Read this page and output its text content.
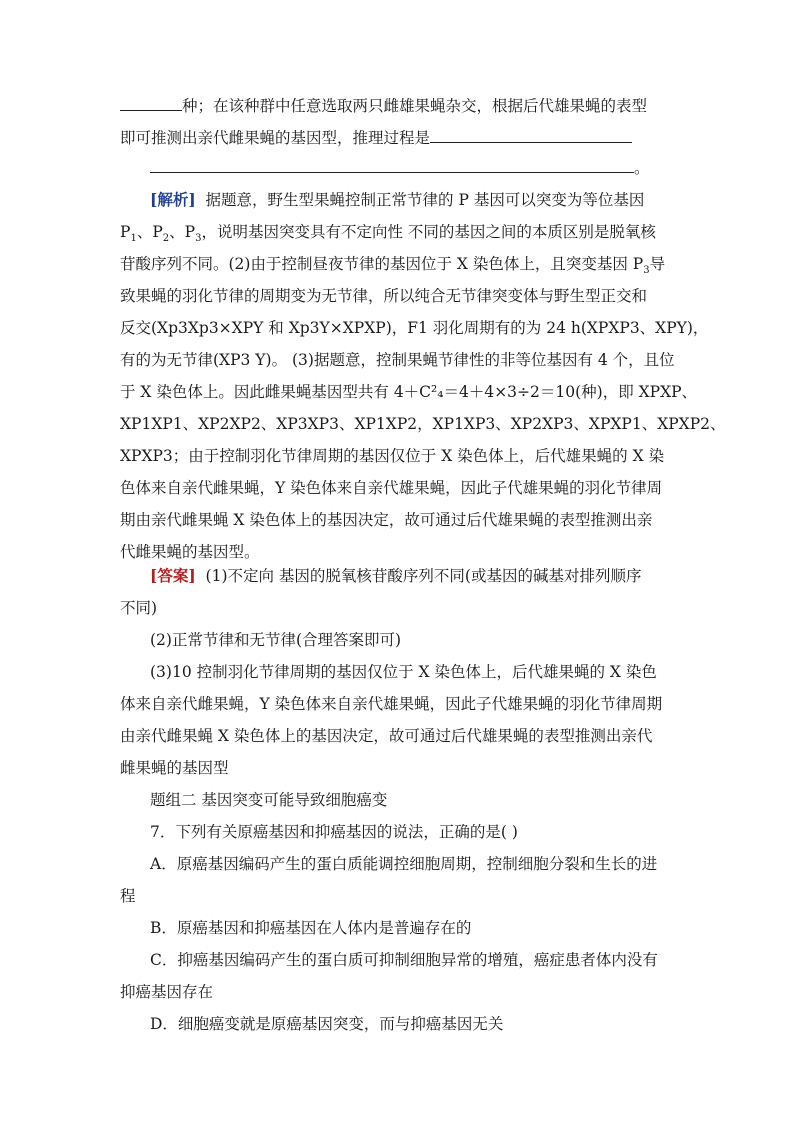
种；在该种群中任意选取两只雌雄果蝇杂交，根据后代雄果蝇的表型
即可推测出亲代雌果蝇的基因型，推理过程是
。
[解析] 据题意，野生型果蝇控制正常节律的 P 基因可以突变为等位基因
$P_1$、$P_2$、$P_3$，说明基因突变具有不定向性 不同的基因之间的本质区别是脱氧核
苷酸序列不同。(2)由于控制昼夜节律的基因位于 X 染色体上，且突变基因 $P_3$导
致果蝇的羽化节律的周期变为无节律，所以纯合无节律突变体与野生型正交和
反交(Xp3Xp3×XPY 和 Xp3Y×XPXP)，F1 羽化周期有的为 24 h(XPXP3、XPY)，
有的为无节律(XP3 Y)。 (3)据题意，控制果蝇节律性的非等位基因有 4 个，且位
于 X 染色体上。因此雌果蝇基因型共有 4＋C²₄＝4＋4×3÷2＝10(种)，即 XPXP、
XP1XP1、XP2XP2、XP3XP3、XP1XP2，XP1XP3、XP2XP3、XPXP1、XPXP2、
XPXP3；由于控制羽化节律周期的基因仅位于 X 染色体上，后代雄果蝇的 X 染
色体来自亲代雌果蝇，Y 染色体来自亲代雄果蝇，因此子代雄果蝇的羽化节律周
期由亲代雌果蝇 X 染色体上的基因决定，故可通过后代雄果蝇的表型推测出亲
代雌果蝇的基因型。
[答案] (1)不定向 基因的脱氧核苷酸序列不同(或基因的碱基对排列顺序
不同)
(2)正常节律和无节律(合理答案即可)
(3)10 控制羽化节律周期的基因仅位于 X 染色体上，后代雄果蝇的 X 染色
体来自亲代雌果蝇，Y 染色体来自亲代雄果蝇，因此子代雄果蝇的羽化节律周期
由亲代雌果蝇 X 染色体上的基因决定，故可通过后代雄果蝇的表型推测出亲代
雌果蝇的基因型
题组二 基因突变可能导致细胞癌变
7．下列有关原癌基因和抑癌基因的说法，正确的是( )
A．原癌基因编码产生的蛋白质能调控细胞周期，控制细胞分裂和生长的进
程
B．原癌基因和抑癌基因在人体内是普遍存在的
C．抑癌基因编码产生的蛋白质可抑制细胞异常的增殖，癌症患者体内没有
抑癌基因存在
D．细胞癌变就是原癌基因突变，而与抑癌基因无关
